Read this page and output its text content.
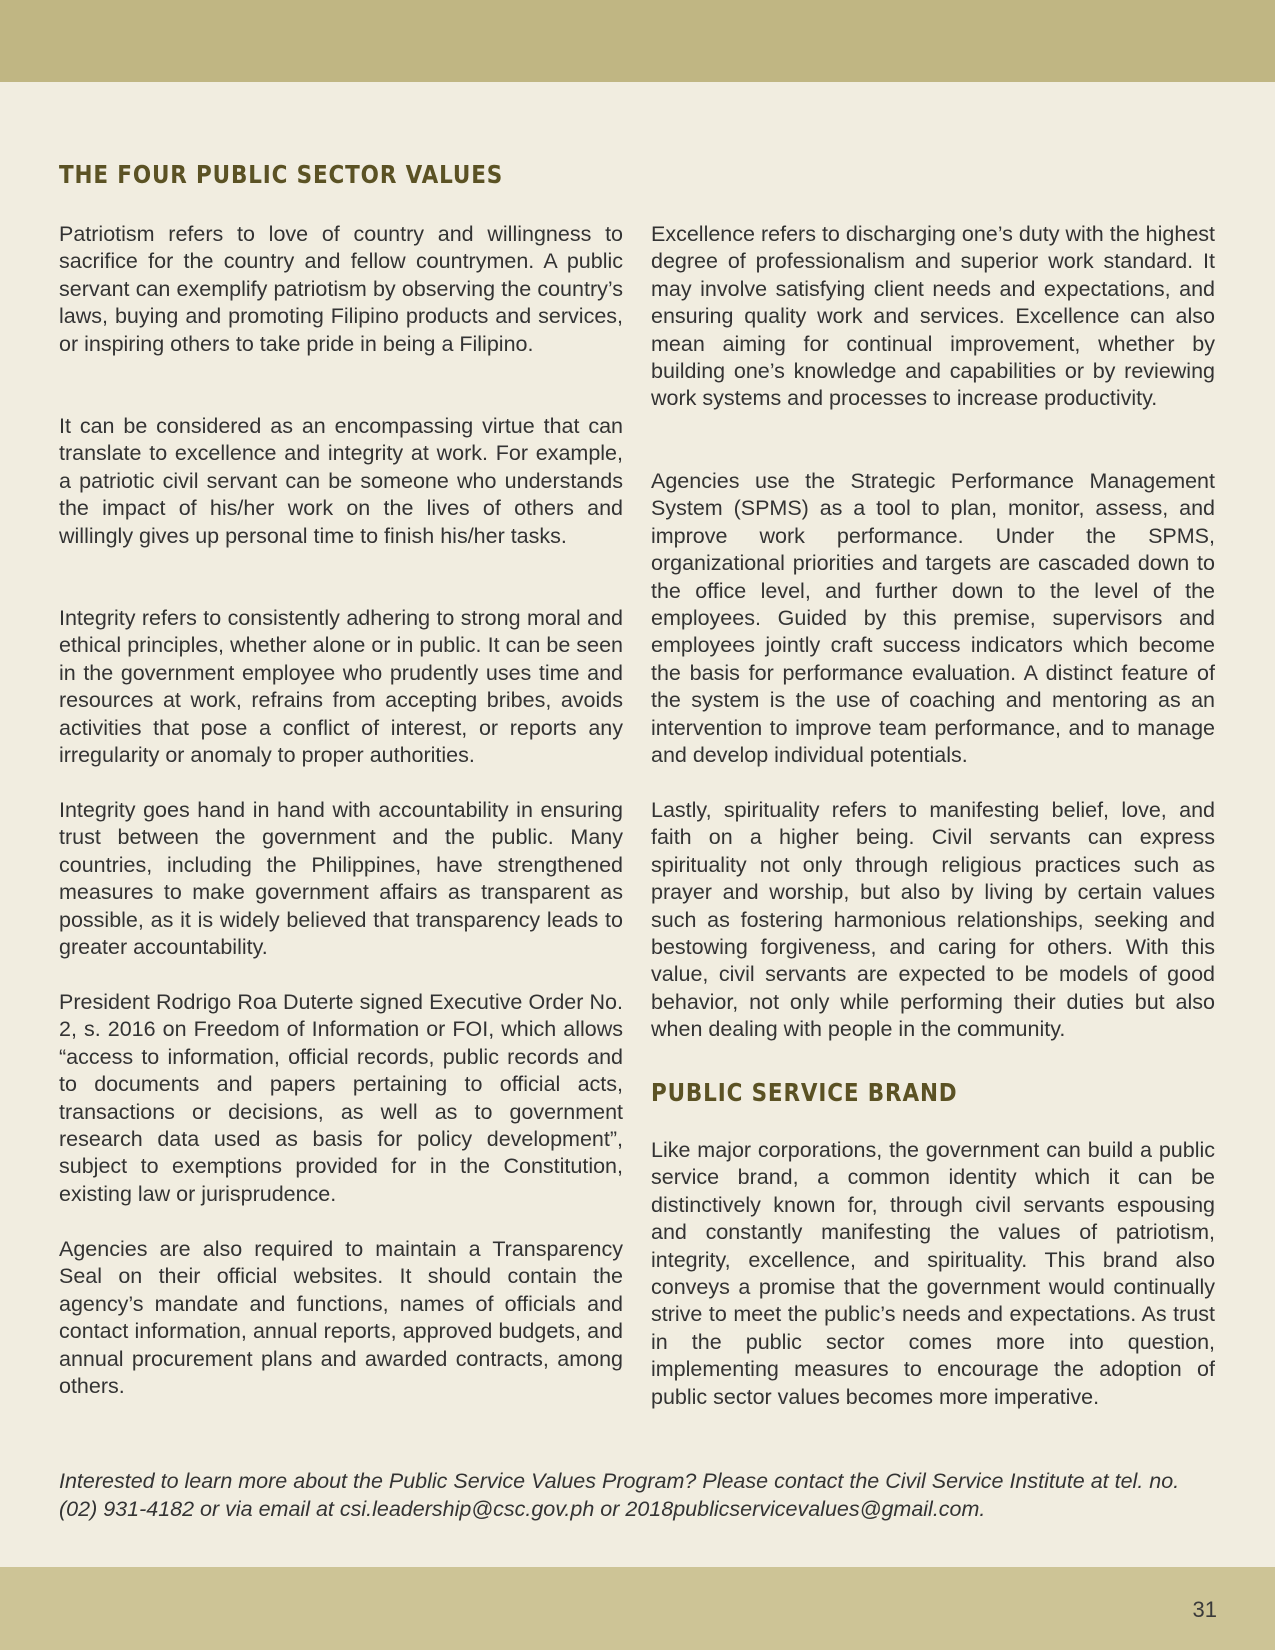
THE FOUR PUBLIC SECTOR VALUES

Patriotism refers to love of country and willingness to sacrifice for the country and fellow countrymen. A public servant can exemplify patriotism by observing the country’s laws, buying and promoting Filipino products and services, or inspiring others to take pride in being a Filipino.

It can be considered as an encompassing virtue that can translate to excellence and integrity at work. For example, a patriotic civil servant can be someone who understands the impact of his/her work on the lives of others and willingly gives up personal time to finish his/her tasks.

Integrity refers to consistently adhering to strong moral and ethical principles, whether alone or in public. It can be seen in the government employee who prudently uses time and resources at work, refrains from accepting bribes, avoids activities that pose a conflict of interest, or reports any irregularity or anomaly to proper authorities.

Integrity goes hand in hand with accountability in ensuring trust between the government and the public. Many countries, including the Philippines, have strengthened measures to make government affairs as transparent as possible, as it is widely believed that transparency leads to greater accountability.

President Rodrigo Roa Duterte signed Executive Order No. 2, s. 2016 on Freedom of Information or FOI, which allows “access to information, official records, public records and to documents and papers pertaining to official acts, transactions or decisions, as well as to government research data used as basis for policy development”, subject to exemptions provided for in the Constitution, existing law or jurisprudence.

Agencies are also required to maintain a Transparency Seal on their official websites. It should contain the agency’s mandate and functions, names of officials and contact information, annual reports, approved budgets, and annual procurement plans and awarded contracts, among others.

Excellence refers to discharging one’s duty with the highest degree of professionalism and superior work standard. It may involve satisfying client needs and expectations, and ensuring quality work and services. Excellence can also mean aiming for continual improvement, whether by building one’s knowledge and capabilities or by reviewing work systems and processes to increase productivity.

Agencies use the Strategic Performance Management System (SPMS) as a tool to plan, monitor, assess, and improve work performance. Under the SPMS, organizational priorities and targets are cascaded down to the office level, and further down to the level of the employees. Guided by this premise, supervisors and employees jointly craft success indicators which become the basis for performance evaluation. A distinct feature of the system is the use of coaching and mentoring as an intervention to improve team performance, and to manage and develop individual potentials.

Lastly, spirituality refers to manifesting belief, love, and faith on a higher being. Civil servants can express spirituality not only through religious practices such as prayer and worship, but also by living by certain values such as fostering harmonious relationships, seeking and bestowing forgiveness, and caring for others. With this value, civil servants are expected to be models of good behavior, not only while performing their duties but also when dealing with people in the community.

PUBLIC SERVICE BRAND

Like major corporations, the government can build a public service brand, a common identity which it can be distinctively known for, through civil servants espousing and constantly manifesting the values of patriotism, integrity, excellence, and spirituality. This brand also conveys a promise that the government would continually strive to meet the public’s needs and expectations. As trust in the public sector comes more into question, implementing measures to encourage the adoption of public sector values becomes more imperative.

Interested to learn more about the Public Service Values Program? Please contact the Civil Service Institute at tel. no. (02) 931-4182 or via email at csi.leadership@csc.gov.ph or 2018publicservicevalues@gmail.com.

31
